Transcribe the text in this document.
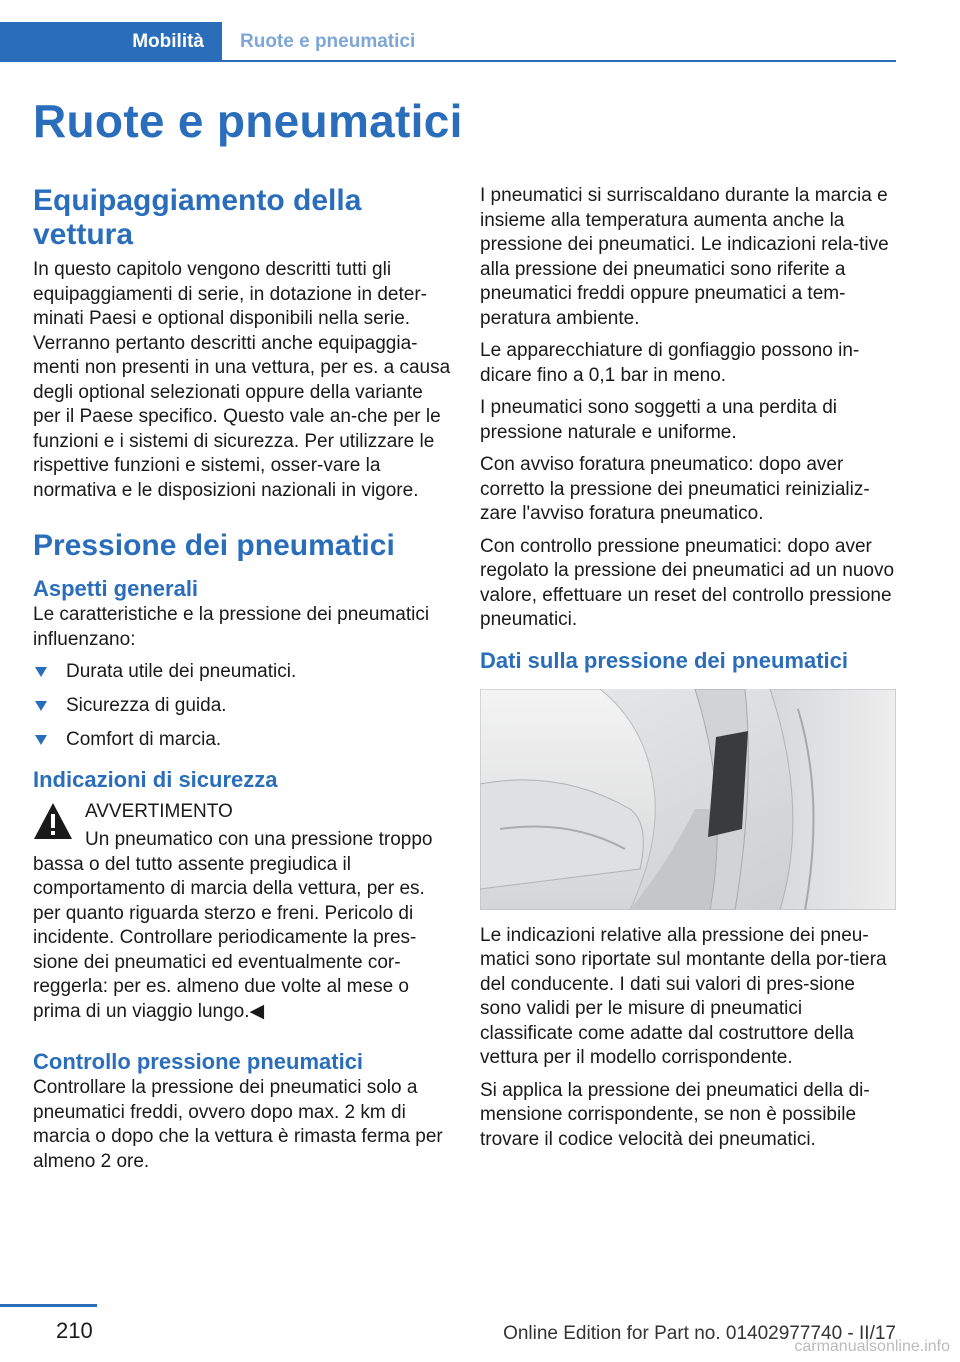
Mobilità	Ruote e pneumatici
Ruote e pneumatici
Equipaggiamento della vettura

In questo capitolo vengono descritti tutti gli equipaggiamenti di serie, in dotazione in deter-minati Paesi e optional disponibili nella serie. Verranno pertanto descritti anche equipaggia-menti non presenti in una vettura, per es. a causa degli optional selezionati oppure della variante per il Paese specifico. Questo vale an-che per le funzioni e i sistemi di sicurezza. Per utilizzare le rispettive funzioni e sistemi, osser-vare la normativa e le disposizioni nazionali in vigore.

Pressione dei pneumatici
Aspetti generali

Le caratteristiche e la pressione dei pneumatici influenzano:

Durata utile dei pneumatici.
Sicurezza di guida.
Comfort di marcia.
Indicazioni di sicurezza
AVVERTIMENTO
Un pneumatico con una pressione troppo bassa o del tutto assente pregiudica il comportamento di marcia della vettura, per es. per quanto riguarda sterzo e freni. Pericolo di incidente. Controllare periodicamente la pres-sione dei pneumatici ed eventualmente cor-reggerla: per es. almeno due volte al mese o prima di un viaggio lungo.◀
Controllo pressione pneumatici

Controllare la pressione dei pneumatici solo a pneumatici freddi, ovvero dopo max. 2 km di marcia o dopo che la vettura è rimasta ferma per almeno 2 ore.

I pneumatici si surriscaldano durante la marcia e insieme alla temperatura aumenta anche la pressione dei pneumatici. Le indicazioni rela-tive alla pressione dei pneumatici sono riferite a pneumatici freddi oppure pneumatici a tem-peratura ambiente.

Le apparecchiature di gonfiaggio possono in-dicare fino a 0,1 bar in meno.

I pneumatici sono soggetti a una perdita di pressione naturale e uniforme.

Con avviso foratura pneumatico: dopo aver corretto la pressione dei pneumatici reinizializ-zare l'avviso foratura pneumatico.

Con controllo pressione pneumatici: dopo aver regolato la pressione dei pneumatici ad un nuovo valore, effettuare un reset del controllo pressione pneumatici.

Dati sulla pressione dei pneumatici

Le indicazioni relative alla pressione dei pneu-matici sono riportate sul montante della por-tiera del conducente. I dati sui valori di pres-sione sono validi per le misure di pneumatici classificate come adatte dal costruttore della vettura per il modello corrispondente.

Si applica la pressione dei pneumatici della di-mensione corrispondente, se non è possibile trovare il codice velocità dei pneumatici.

210	Online Edition for Part no. 01402977740 - II/17
carmanualsonline.info
